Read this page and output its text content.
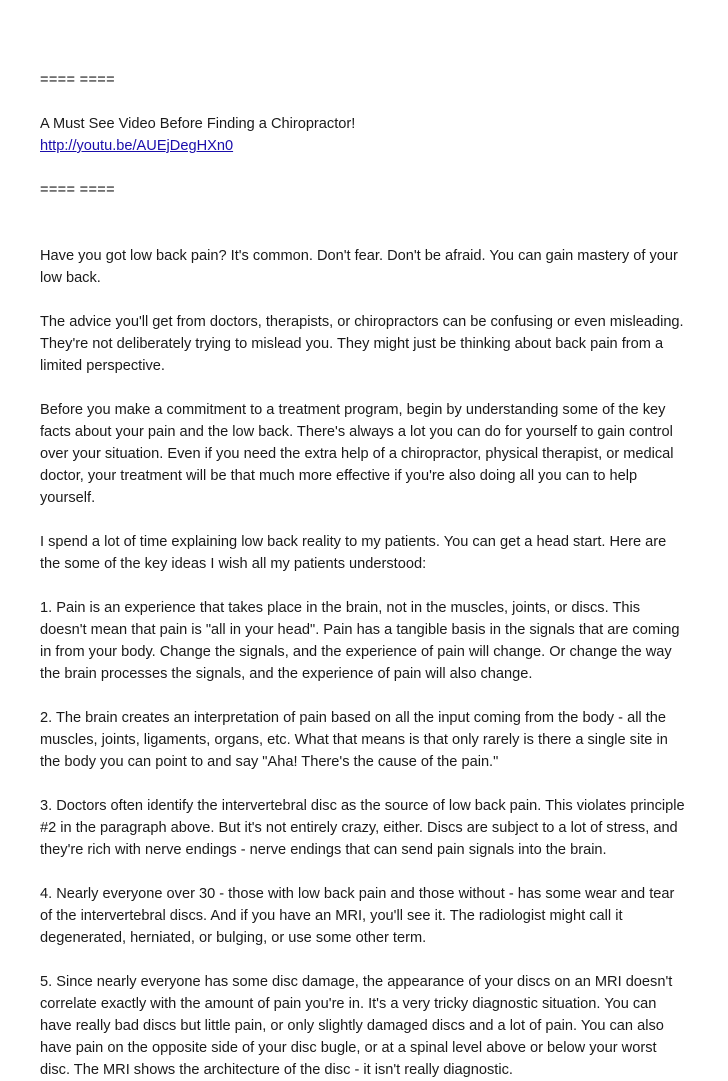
==== ====
A Must See Video Before Finding a Chiropractor!
http://youtu.be/AUEjDegHXn0
==== ====

Have you got low back pain? It's common. Don't fear. Don't be afraid. You can gain mastery of your low back.

The advice you'll get from doctors, therapists, or chiropractors can be confusing or even misleading. They're not deliberately trying to mislead you. They might just be thinking about back pain from a limited perspective.

Before you make a commitment to a treatment program, begin by understanding some of the key facts about your pain and the low back. There's always a lot you can do for yourself to gain control over your situation. Even if you need the extra help of a chiropractor, physical therapist, or medical doctor, your treatment will be that much more effective if you're also doing all you can to help yourself.

I spend a lot of time explaining low back reality to my patients. You can get a head start. Here are the some of the key ideas I wish all my patients understood:

1. Pain is an experience that takes place in the brain, not in the muscles, joints, or discs. This doesn't mean that pain is "all in your head". Pain has a tangible basis in the signals that are coming in from your body. Change the signals, and the experience of pain will change. Or change the way the brain processes the signals, and the experience of pain will also change.

2. The brain creates an interpretation of pain based on all the input coming from the body - all the muscles, joints, ligaments, organs, etc. What that means is that only rarely is there a single site in the body you can point to and say "Aha! There's the cause of the pain."

3. Doctors often identify the intervertebral disc as the source of low back pain. This violates principle #2 in the paragraph above. But it's not entirely crazy, either. Discs are subject to a lot of stress, and they're rich with nerve endings - nerve endings that can send pain signals into the brain.

4. Nearly everyone over 30 - those with low back pain and those without - has some wear and tear of the intervertebral discs. And if you have an MRI, you'll see it. The radiologist might call it degenerated, herniated, or bulging, or use some other term.

5. Since nearly everyone has some disc damage, the appearance of your discs on an MRI doesn't correlate exactly with the amount of pain you're in. It's a very tricky diagnostic situation. You can have really bad discs but little pain, or only slightly damaged discs and a lot of pain. You can also have pain on the opposite side of your disc bugle, or at a spinal level above or below your worst disc. The MRI shows the architecture of the disc - it isn't really diagnostic.
